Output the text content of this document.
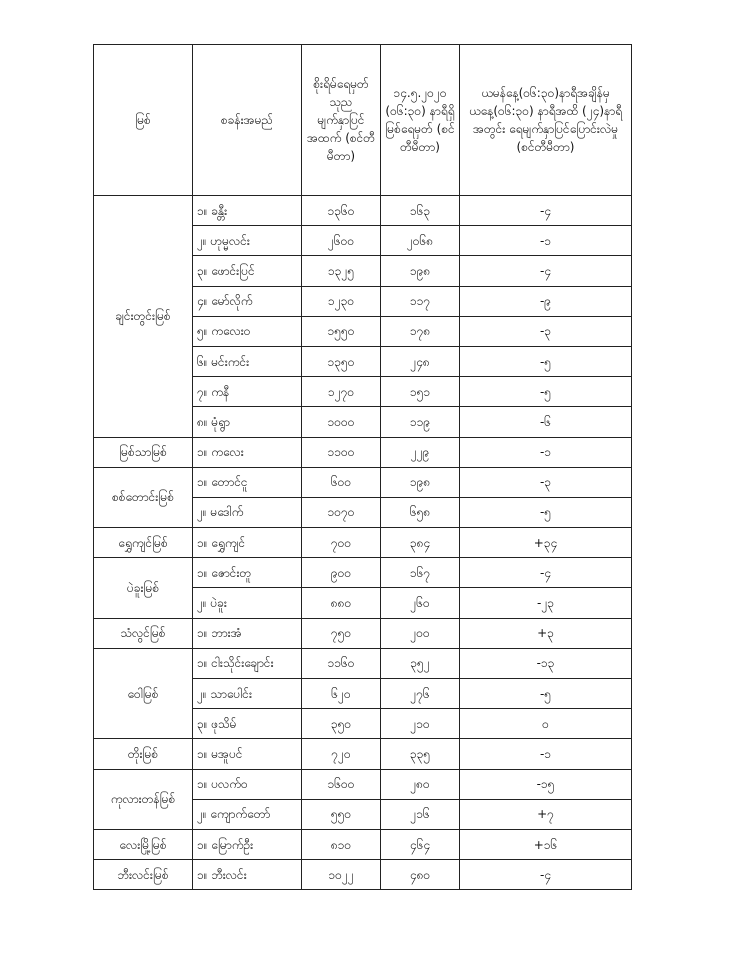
မြစ်	စခန်းအမည်	စိုးရိမ်ရေမှတ် သုည မျက်နှာပြင် အထက် (စင်တီမီတာ)	၁၄.၅.၂၀၂၀ (၀၆:၃၀) နာရီရှိ မြစ်ရေမှတ် (စင်တီမီတာ)	ယမန်နေ့(၀၆:၃၀)နာရီအချိန်မှ ယနေ့(၀၆:၃၀) နာရီအထိ (၂၄)နာရီအတွင်း ရေမျက်နှာပြင်ပြောင်းလဲမှု (စင်တီမီတာ)
ချင်းတွင်းမြစ်	၁။ ခန္တီး	၁၃၆၀	၁၆၃	-၄
	၂။ ဟုမ္မလင်း	၂၆၀၀	၂၀၆၈	-၁
	၃။ ဖောင်းပြင်	၁၃၂၅	၁၉၈	-၄
	၄။ မော်လိုက်	၁၂၃၀	၁၁၇	-၉
	၅။ ကလေးဝ	၁၅၅၀	၁၇၈	-၃
	၆။ မင်းကင်း	၁၃၅၀	၂၄၈	-၅
	၇။ ကနီ	၁၂၇၀	၁၅၁	-၅
	၈။ မုံရွာ	၁၀၀၀	၁၁၉	-၆
မြစ်သာမြစ်	၁။ ကလေး	၁၁၀၀	၂၂၉	-၁
စစ်တောင်းမြစ်	၁။ တောင်ငူ	၆၀၀	၁၉၈	-၃
	၂။ မဒေါက်	၁၀၇၀	၆၅၈	-၅
ရွှေကျင်မြစ်	၁။ ရွှေကျင်	၇၀၀	၃၈၄	+၃၄
ပဲခူးမြစ်	၁။ ဇောင်းတူ	၉၀၀	၁၆၇	-၄
	၂။ ပဲခူး	၈၈၀	၂၆၀	-၂၃
သံလွင်မြစ်	၁။ ဘားအံ	၇၅၀	၂၀၀	+၃
ဝေါမြစ်	၁။ ငါးသိုင်းချောင်း	၁၁၆၀	၃၅၂	-၁၃
	၂။ သာပေါင်း	၆၂၀	၂၇၆	-၅
	၃။ ဖုသိမ်	၃၅၀	၂၁၀	၀
တိုးမြစ်	၁။ မအူပင်	၇၂၀	၃၃၅	-၁
ကုလားတန်မြစ်	၁။ ပလက်ဝ	၁၆၀၀	၂၈၀	-၁၅
	၂။ ကျောက်တော်	၅၅၀	၂၁၆	+၇
လေးမြို့မြစ်	၁။ မြောက်ဦး	၈၁၀	၄၆၄	+၁၆
ဘီးလင်းမြစ်	၁။ ဘီးလင်း	၁၀၂၂	၄၈၀	-၄
